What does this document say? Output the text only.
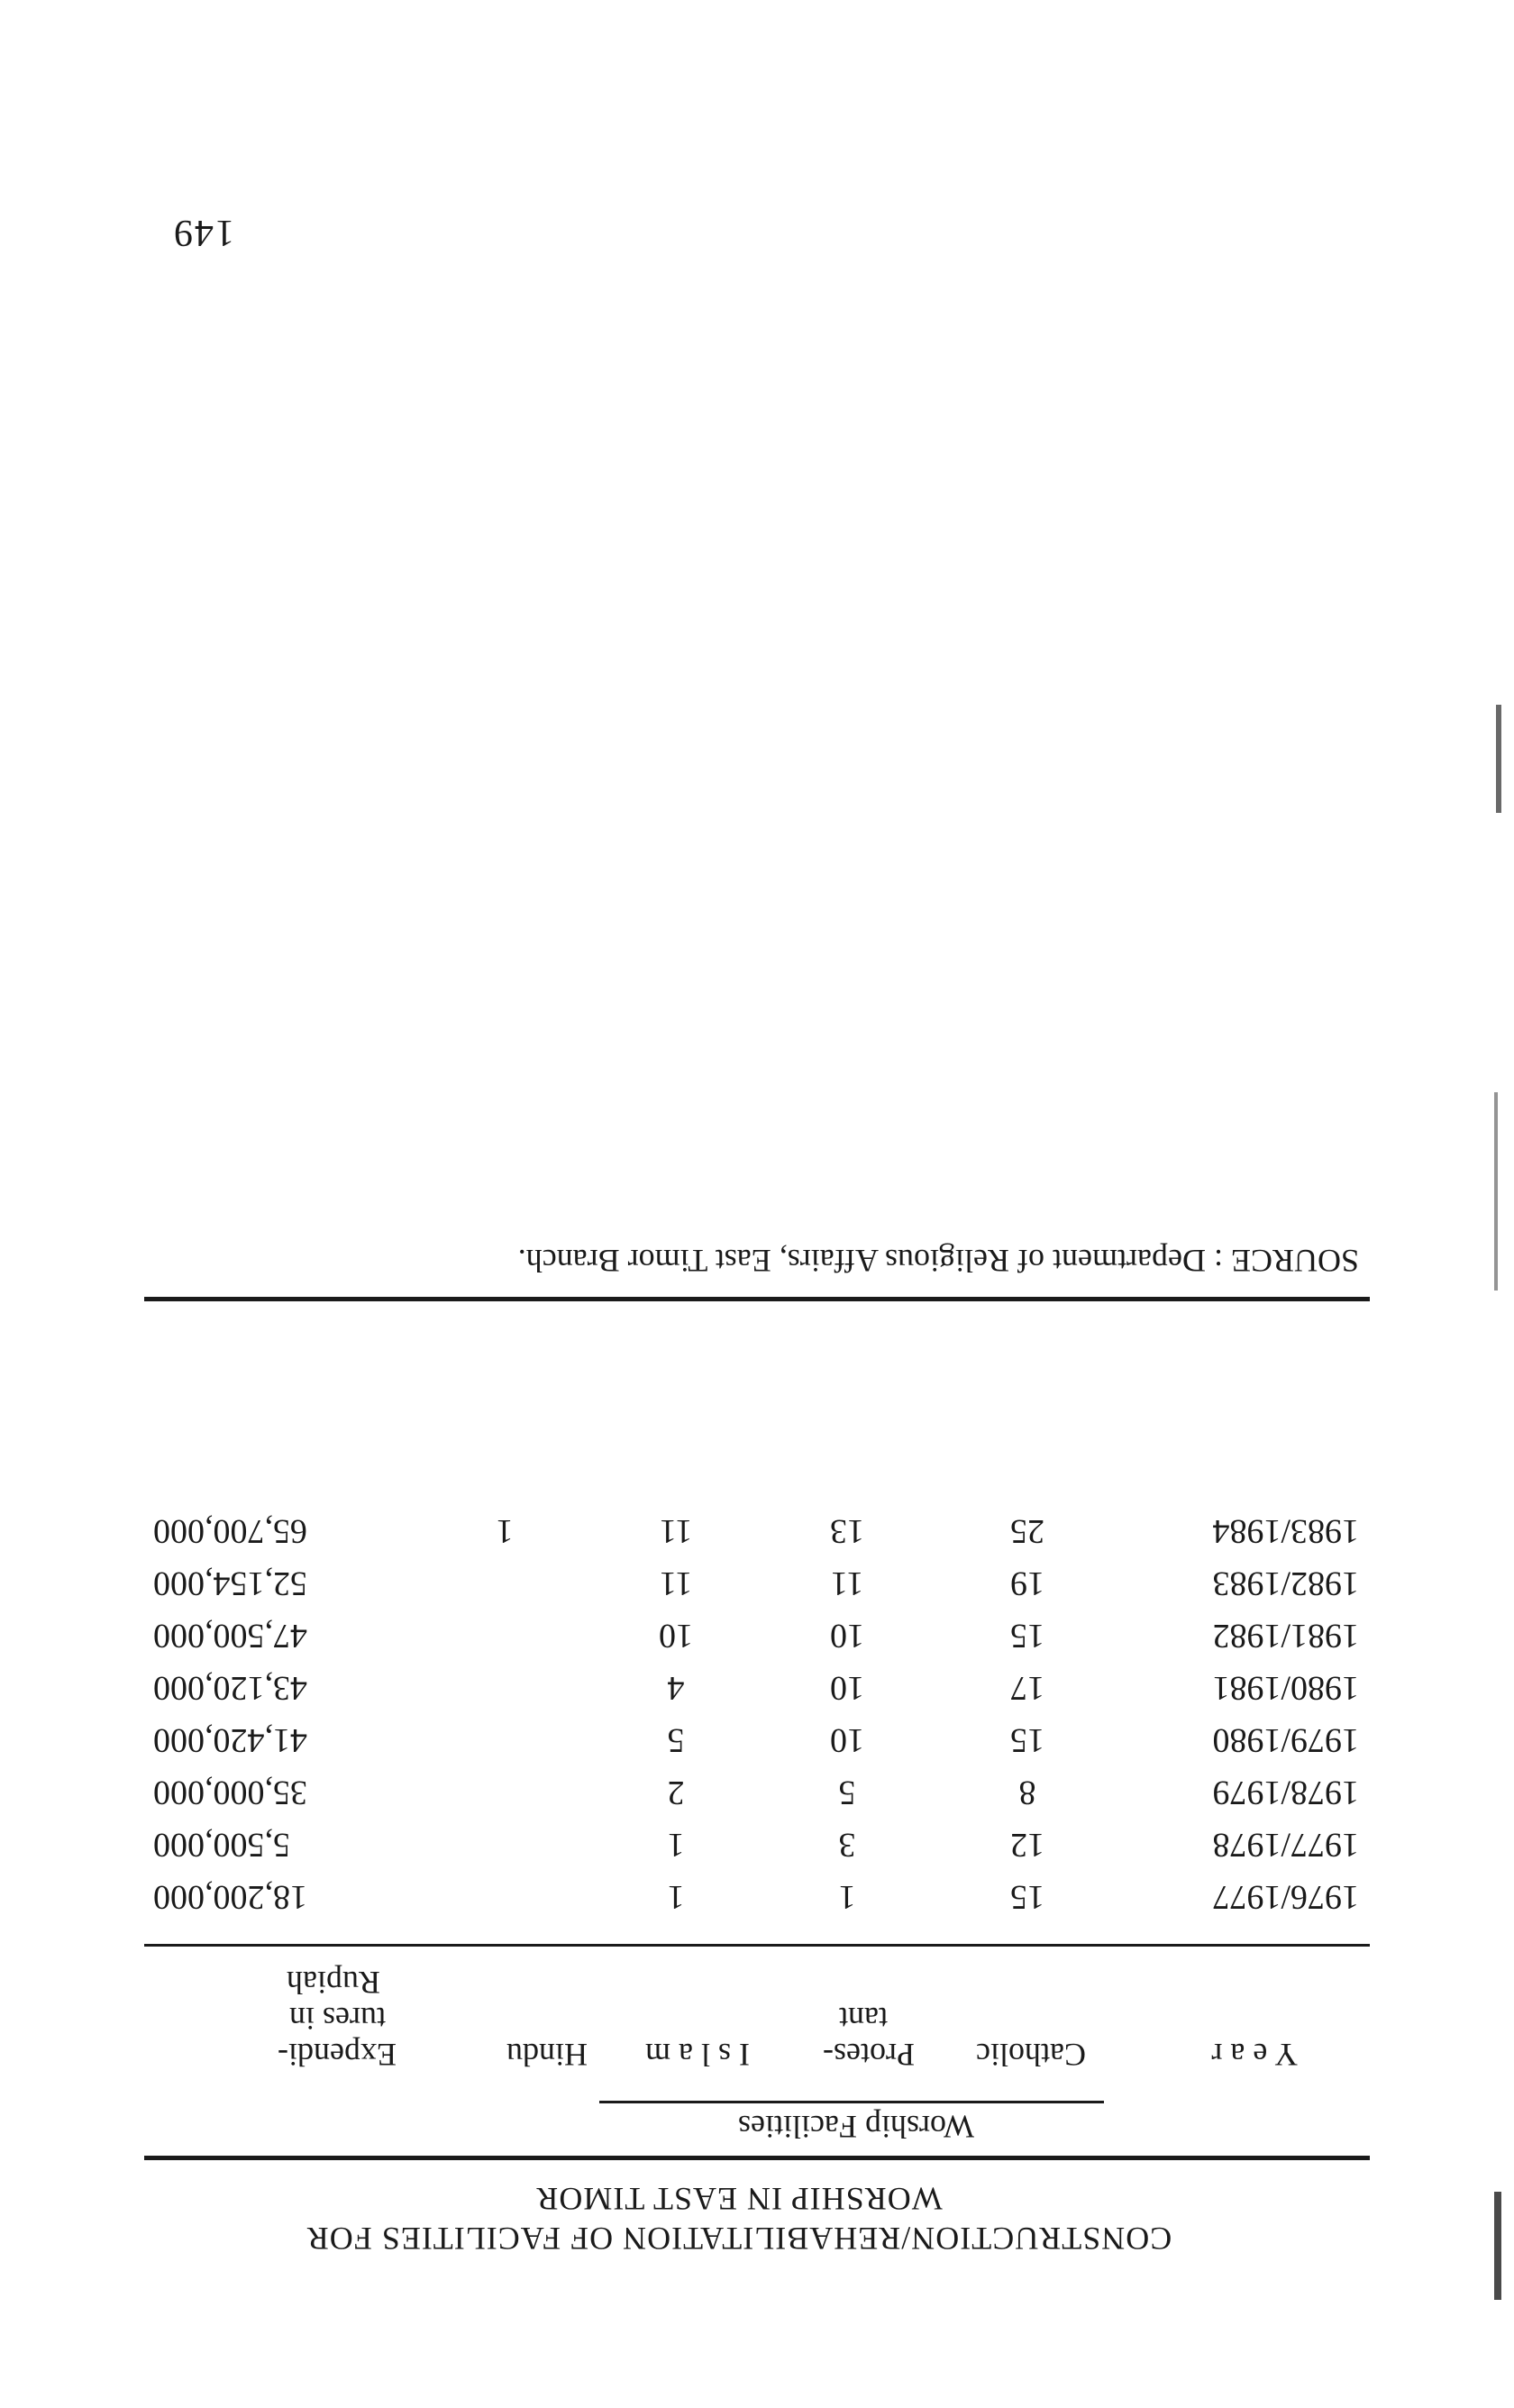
CONSTRUCTION/REHABILITATION OF FACILITIES FOR
WORSHIP IN EAST TIMOR
Worship Facilities
Y e a r
Catholic
Protes-
tant
I s l a m
Hindu
Expendi-
tures in
Rupiah
1976/1977
15
1
1
18,200,000
1977/1978
12
3
1
5,500,000
1978/1979
8
5
2
35,000,000
1979/1980
15
10
5
41,420,000
1980/1981
17
10
4
43,120,000
1981/1982
15
10
10
47,500,000
1982/1983
19
11
11
52,154,000
1983/1984
25
13
11
1
65,700,000
SOURCE : Department of Religious Affairs, East Timor Branch.
149
